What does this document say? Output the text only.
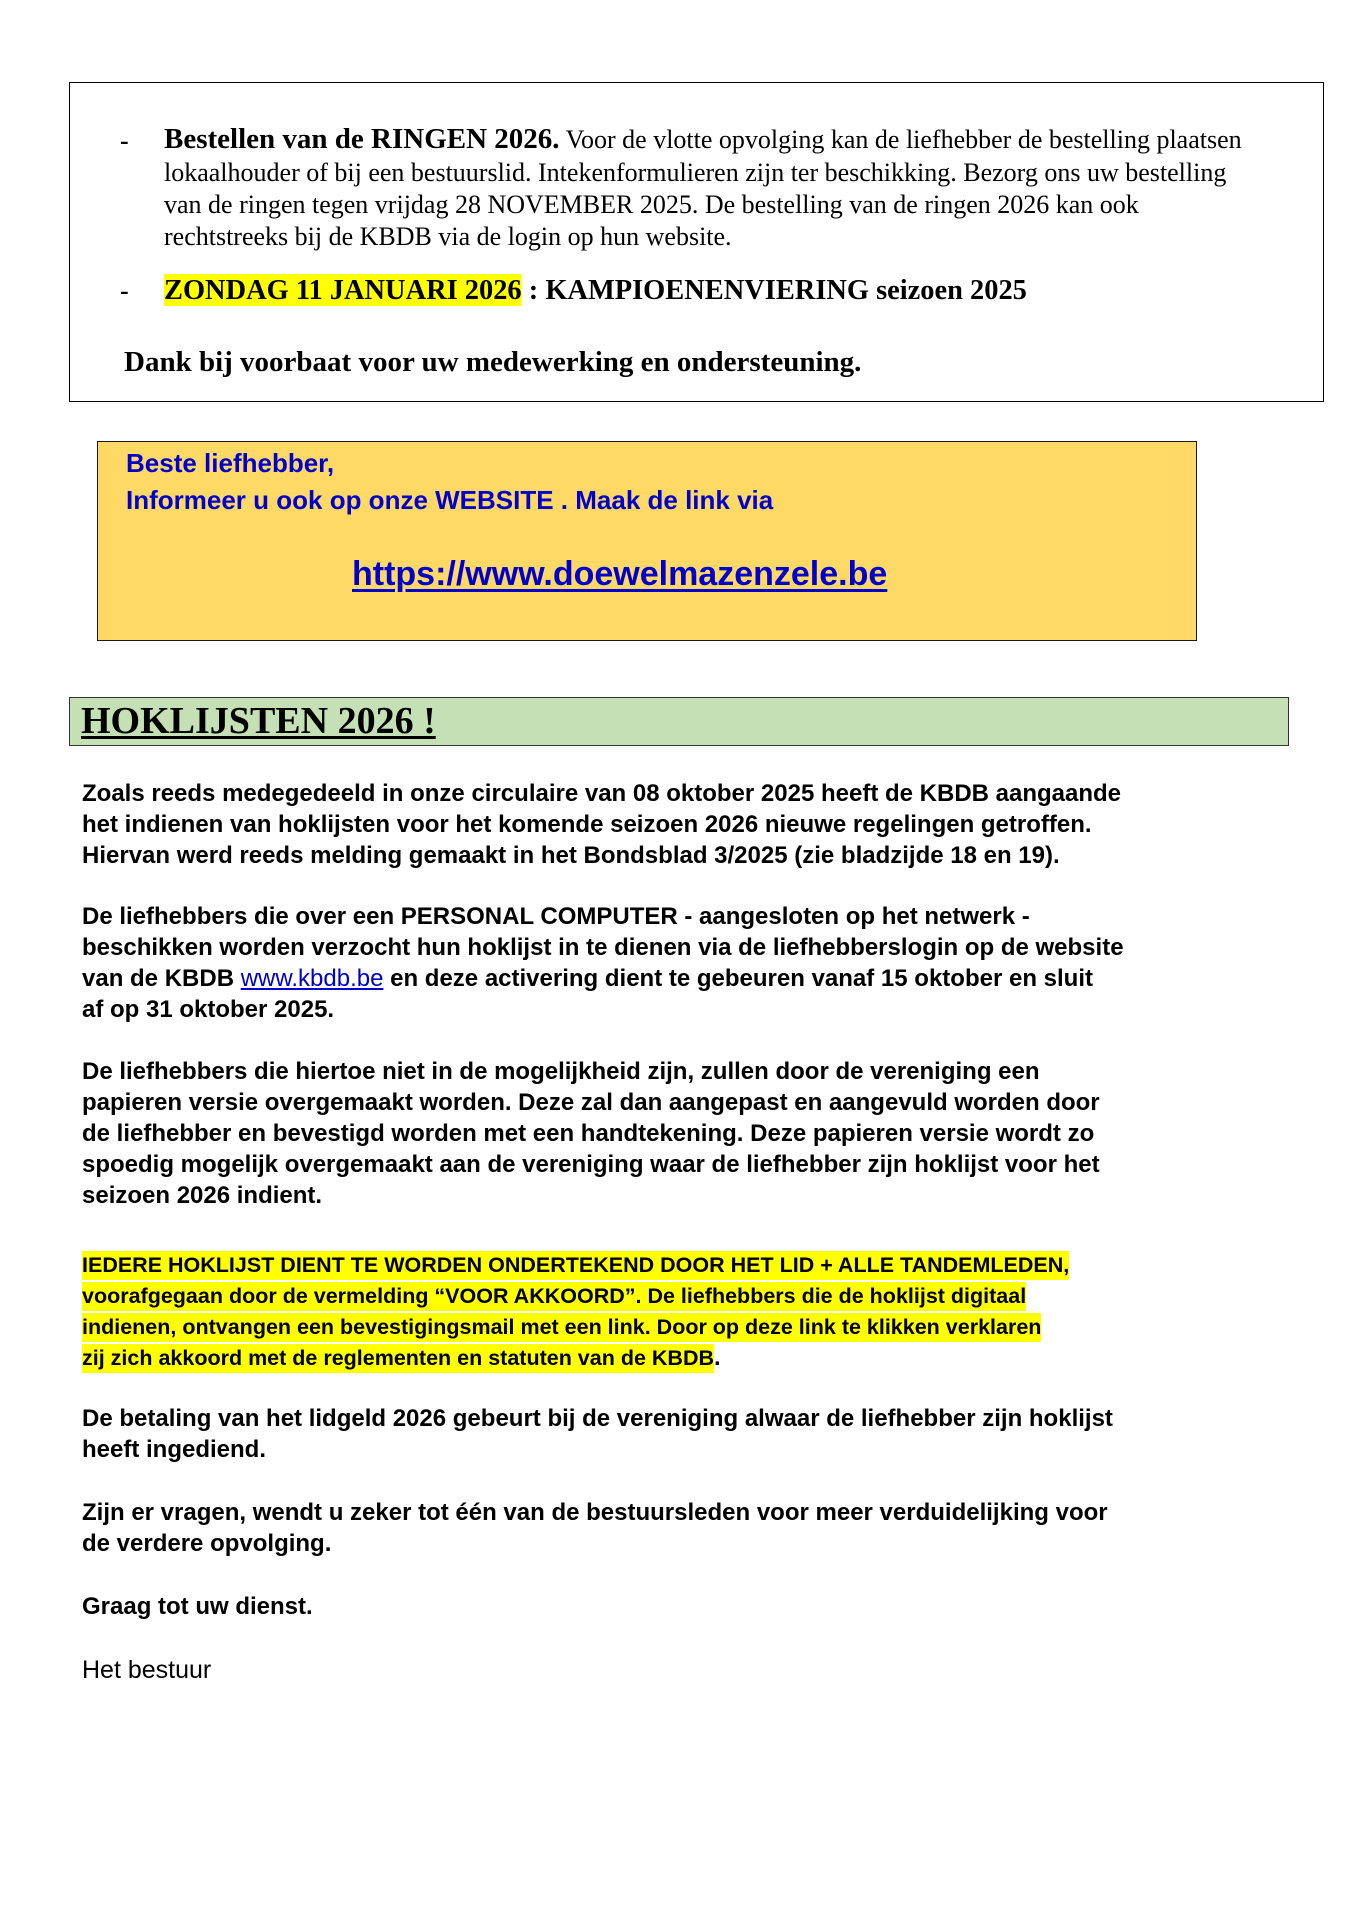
- Bestellen van de RINGEN 2026. Voor de vlotte opvolging kan de liefhebber de bestelling plaatsen
lokaalhouder of bij een bestuurslid. Intekenformulieren zijn ter beschikking. Bezorg ons uw bestelling
van de ringen tegen vrijdag 28 NOVEMBER 2025. De bestelling van de ringen 2026 kan ook
rechtstreeks bij de KBDB via de login op hun website.
- ZONDAG 11 JANUARI 2026 : KAMPIOENENVIERING seizoen 2025
Dank bij voorbaat voor uw medewerking en ondersteuning.
Beste liefhebber,
Informeer u ook op onze WEBSITE . Maak de link via
https://www.doewelmazenzele.be
HOKLIJSTEN 2026 !
Zoals reeds medegedeeld in onze circulaire van 08 oktober 2025 heeft de KBDB aangaande
het indienen van hoklijsten voor het komende seizoen 2026 nieuwe regelingen getroffen.
Hiervan werd reeds melding gemaakt in het Bondsblad 3/2025 (zie bladzijde 18 en 19).
De liefhebbers die over een PERSONAL COMPUTER - aangesloten op het netwerk -
beschikken worden verzocht hun hoklijst in te dienen via de liefhebberslogin op de website
van de KBDB www.kbdb.be en deze activering dient te gebeuren vanaf 15 oktober en sluit
af op 31 oktober 2025.
De liefhebbers die hiertoe niet in de mogelijkheid zijn, zullen door de vereniging een
papieren versie overgemaakt worden. Deze zal dan aangepast en aangevuld worden door
de liefhebber en bevestigd worden met een handtekening. Deze papieren versie wordt zo
spoedig mogelijk overgemaakt aan de vereniging waar de liefhebber zijn hoklijst voor het
seizoen 2026 indient.
IEDERE HOKLIJST DIENT TE WORDEN ONDERTEKEND DOOR HET LID + ALLE TANDEMLEDEN,
voorafgegaan door de vermelding “VOOR AKKOORD”. De liefhebbers die de hoklijst digitaal
indienen, ontvangen een bevestigingsmail met een link. Door op deze link te klikken verklaren
zij zich akkoord met de reglementen en statuten van de KBDB.
De betaling van het lidgeld 2026 gebeurt bij de vereniging alwaar de liefhebber zijn hoklijst
heeft ingediend.
Zijn er vragen, wendt u zeker tot één van de bestuursleden voor meer verduidelijking voor
de verdere opvolging.
Graag tot uw dienst.
Het bestuur
